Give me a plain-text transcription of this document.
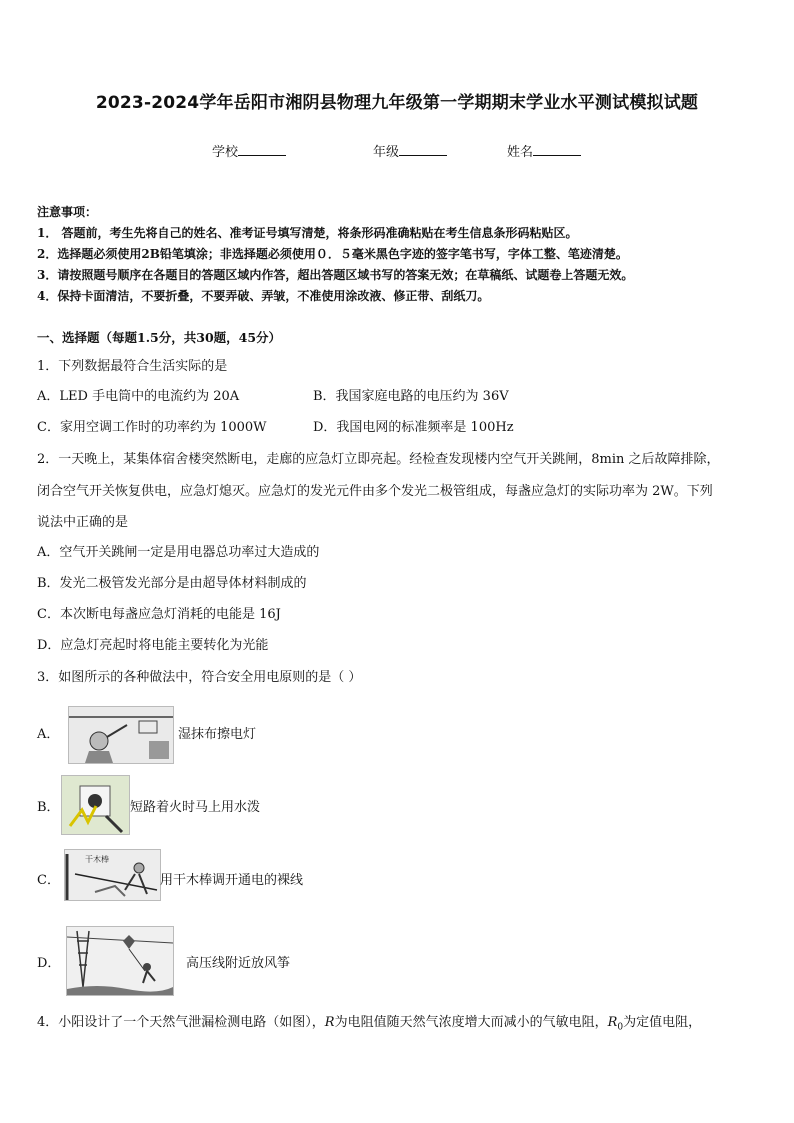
2023-2024学年岳阳市湘阴县物理九年级第一学期期末学业水平测试模拟试题
学校	年级	姓名
注意事项：
1． 答题前，考生先将自己的姓名、准考证号填写清楚，将条形码准确粘贴在考生信息条形码粘贴区。
2．选择题必须使用2B铅笔填涂；非选择题必须使用０．５毫米黑色字迹的签字笔书写，字体工整、笔迹清楚。
3．请按照题号顺序在各题目的答题区域内作答，超出答题区域书写的答案无效；在草稿纸、试题卷上答题无效。
4．保持卡面清洁，不要折叠，不要弄破、弄皱，不准使用涂改液、修正带、刮纸刀。
一、选择题（每题1.5分，共30题，45分）
1．下列数据最符合生活实际的是
A．LED 手电筒中的电流约为 20A	B．我国家庭电路的电压约为 36V
C．家用空调工作时的功率约为 1000W	D．我国电网的标准频率是 100Hz
2．一天晚上，某集体宿舍楼突然断电，走廊的应急灯立即亮起。经检查发现楼内空气开关跳闸，8min 之后故障排除，
闭合空气开关恢复供电，应急灯熄灭。应急灯的发光元件由多个发光二极管组成，每盏应急灯的实际功率为 2W。下列
说法中正确的是
A．空气开关跳闸一定是用电器总功率过大造成的
B．发光二极管发光部分是由超导体材料制成的
C．本次断电每盏应急灯消耗的电能是 16J
D．应急灯亮起时将电能主要转化为光能
3．如图所示的各种做法中，符合安全用电原则的是（ ）
A．	湿抹布擦电灯
B．	短路着火时马上用水泼
C．
干木棒
用干木棒调开通电的裸线
D．	高压线附近放风筝
4．小阳设计了一个天然气泄漏检测电路（如图），R为电阻值随天然气浓度增大而减小的气敏电阻，$R_0$为定值电阻，
